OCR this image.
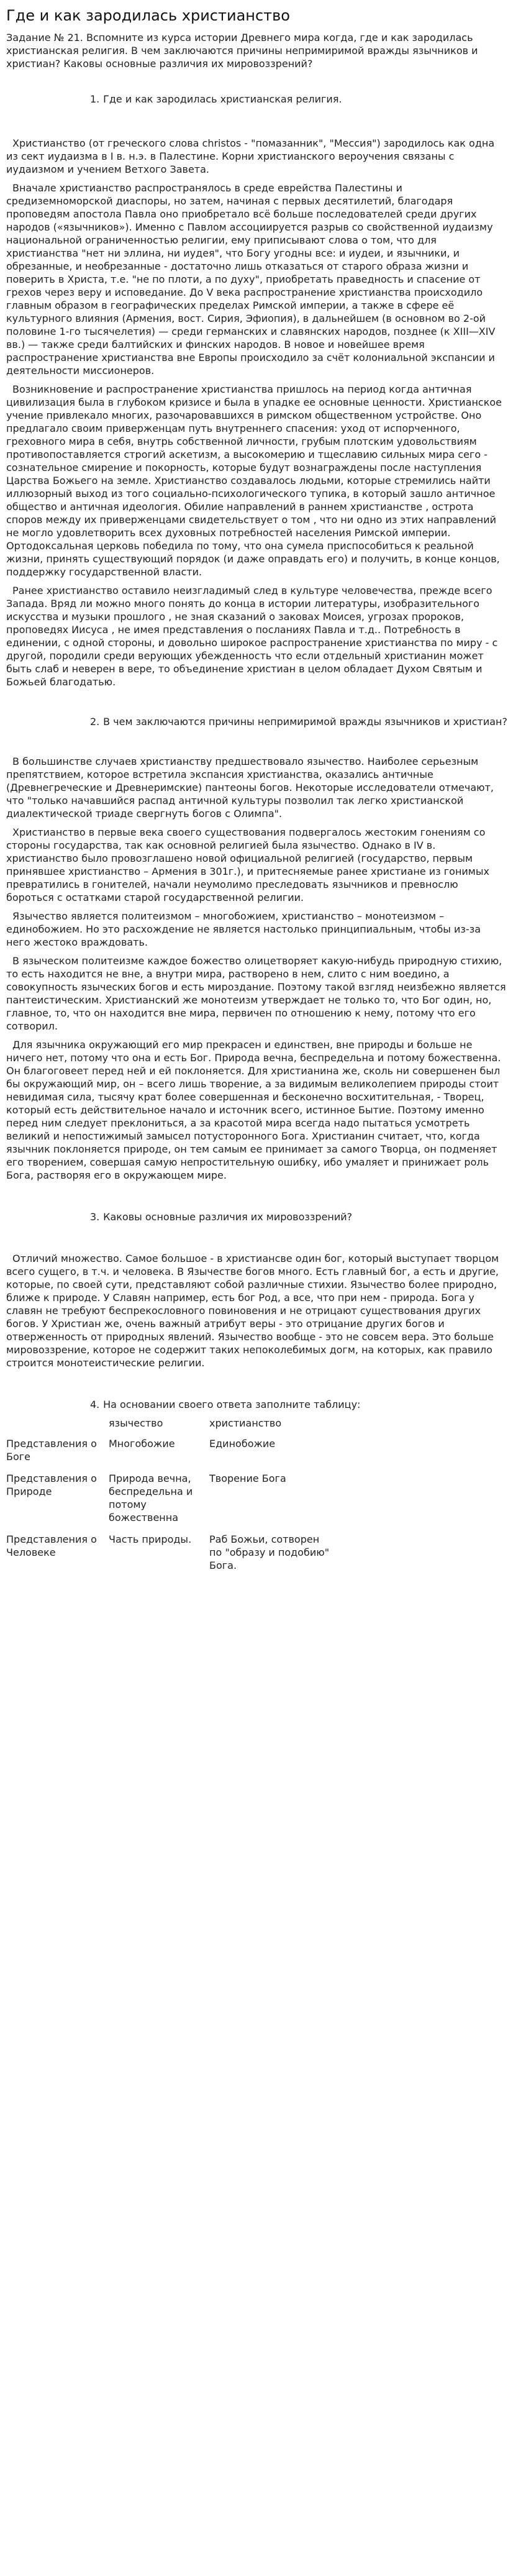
Где и как зародилась христианство

Задание № 21. Вспомните из курса истории Древнего мира когда, где и как зародилась христианская религия. В чем заключаются причины непримиримой вражды язычников и христиан? Каковы основные различия их мировоззрений?

1. Где и как зародилась христианская религия.

Христианство (от греческого слова christos - "помазанник", "Мессия") зародилось как одна из сект иудаизма в I в. н.э. в Палестине. Корни христианского вероучения связаны с иудаизмом и учением Ветхого Завета.

Вначале христианство распространялось в среде еврейства Палестины и средиземноморской диаспоры, но затем, начиная с первых десятилетий, благодаря проповедям апостола Павла оно приобретало всё больше последователей среди других народов («язычников»). Именно с Павлом ассоциируется разрыв со свойственной иудаизму национальной ограниченностью религии, ему приписывают слова о том, что для христианства "нет ни эллина, ни иудея", что Богу угодны все: и иудеи, и язычники, и обрезанные, и необрезанные - достаточно лишь отказаться от старого образа жизни и поверить в Христа, т.е. "не по плоти, а по духу", приобретать праведность и спасение от грехов через веру и исповедание. До V века распространение христианства происходило главным образом в географических пределах Римской империи, а также в сфере её культурного влияния (Армения, вост. Сирия, Эфиопия), в дальнейшем (в основном во 2-ой половине 1-го тысячелетия) — среди германских и славянских народов, позднее (к XIII—XIV вв.) — также среди балтийских и финских народов. В новое и новейшее время распространение христианства вне Европы происходило за счёт колониальной экспансии и деятельности миссионеров.

Возникновение и распространение христианства пришлось на период когда античная цивилизация была в глубоком кризисе и была в упадке ее основные ценности. Христианское учение привлекало многих, разочаровавшихся в римском общественном устройстве. Оно предлагало своим приверженцам путь внутреннего спасения: уход от испорченного, греховного мира в себя, внутрь собственной личности, грубым плотским удовольствиям противопоставляется строгий аскетизм, а высокомерию и тщеславию сильных мира сего - сознательное смирение и покорность, которые будут вознаграждены после наступления Царства Божьего на земле. Христианство создавалось людьми, которые стремились найти иллюзорный выход из того социально-психологического тупика, в который зашло античное общество и античная идеология. Обилие направлений в раннем христианстве , острота споров между их приверженцами свидетельствует о том , что ни одно из этих направлений не могло удовлетворить всех духовных потребностей населения Римской империи. Ортодоксальная церковь победила по тому, что она сумела приспособиться к реальной жизни, принять существующий порядок (и даже оправдать его) и получить, в конце концов, поддержку государственной власти.

Ранее христианство оставило неизгладимый след в культуре человечества, прежде всего Запада. Вряд ли можно много понять до конца в истории литературы, изобразительного искусства и музыки прошлого , не зная сказаний о заковах Моисея, угрозах пророков, проповедях Иисуса , не имея представления о посланиях Павла и т.д.. Потребность в единении, с одной стороны, и довольно широкое распространение христианства по миру - с другой, породили среди верующих убежденность что если отдельный христианин может быть слаб и неверен в вере, то объединение христиан в целом обладает Духом Святым и Божьей благодатью.

2. В чем заключаются причины непримиримой вражды язычников и христиан?

В большинстве случаев христианству предшествовало язычество. Наиболее серьезным препятствием, которое встретила экспансия христианства, оказались античные (Древнегреческие и Древнеримские) пантеоны богов. Некоторые исследователи отмечают, что "только начавшийся распад античной культуры позволил так легко христианской диалектической триаде свергнуть богов с Олимпа".

Христианство в первые века своего существования подвергалось жестоким гонениям со стороны государства, так как основной религией была язычество. Однако в IV в. христианство было провозглашено новой официальной религией (государство, первым принявшее христианство – Армения в 301г.), и притесняемые ранее христиане из гонимых превратились в гонителей, начали неумолимо преследовать язычников и превнослю бороться с остатками старой государственной религии.

Язычество является политеизмом – многобожием, христианство – монотеизмом – единобожием. Но это расхождение не является настолько принципиальным, чтобы из-за него жестоко враждовать.

В языческом политеизме каждое божество олицетворяет какую-нибудь природную стихию, то есть находится не вне, а внутри мира, растворено в нем, слито с ним воедино, а совокупность языческих богов и есть мироздание. Поэтому такой взгляд неизбежно является пантеистическим. Христианский же монотеизм утверждает не только то, что Бог один, но, главное, то, что он находится вне мира, первичен по отношению к нему, потому что его сотворил.

Для язычника окружающий его мир прекрасен и единствен, вне природы и больше не ничего нет, потому что она и есть Бог. Природа вечна, беспредельна и потому божественна. Он благоговеет перед ней и ей поклоняется. Для христианина же, сколь ни совершенен был бы окружающий мир, он – всего лишь творение, а за видимым великолепием природы стоит невидимая сила, тысячу крат более совершенная и бесконечно восхитительная, - Творец, который есть действительное начало и источник всего, истинное Бытие. Поэтому именно перед ним следует преклониться, а за красотой мира всегда надо пытаться усмотреть великий и непостижимый замысел потусторонного Бога. Христианин считает, что, когда язычник поклоняется природе, он тем самым ее принимает за самого Творца, он подменяет его творением, совершая самую непростительную ошибку, ибо умаляет и принижает роль Бога, растворяя его в окружающем мире.

3. Каковы основные различия их мировоззрений?

Отличий множество. Самое большое - в христиансве один бог, который выступает творцом всего сущего, в т.ч. и человека. В Язычестве богов много. Есть главный бог, а есть и другие, которые, по своей сути, представляют собой различные стихии. Язычество более природно, ближе к природе. У Славян например, есть бог Род, а все, что при нем - природа. Бога у славян не требуют беспрекословного повиновения и не отрицают существования других богов. У Христиан же, очень важный атрибут веры - это отрицание других богов и отверженность от природных явлений. Язычество вообще - это не совсем вера. Это больше мировоззрение, которое не содержит таких непоколебимых догм, на которых, как правило строится монотеистические религии.

4. На основании своего ответа заполните таблицу:

	язычество	христианство
Представления о Боге	Многобожие	Единобожие
Представления о Природе	Природа вечна, беспредельна и потому божественна	Творение Бога
Представления о Человеке	Часть природы.	Раб Божьи, сотворен по "образу и подобию" Бога.
